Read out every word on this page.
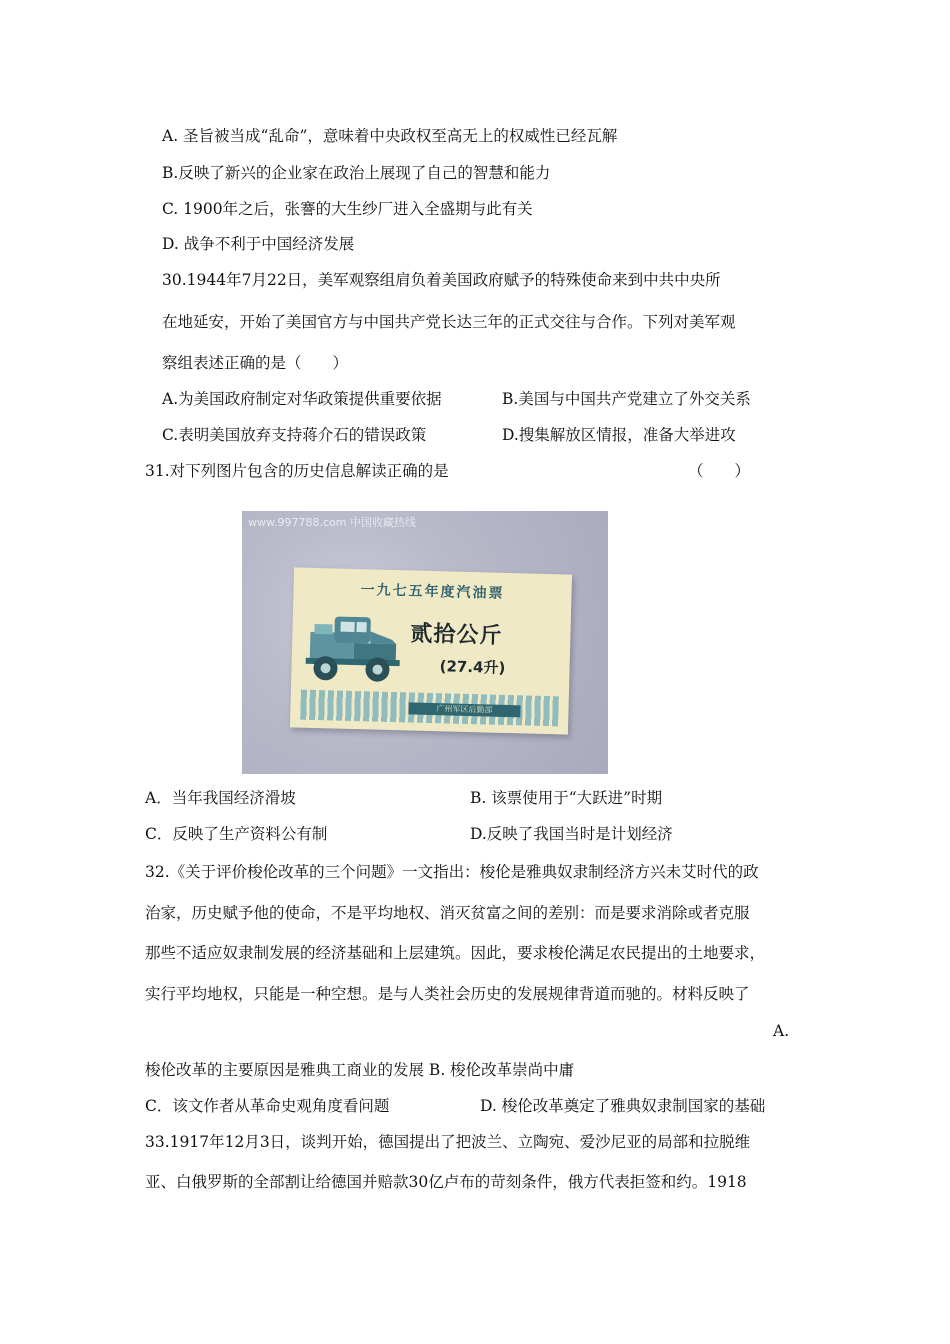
A. 圣旨被当成“乱命”，意味着中央政权至高无上的权威性已经瓦解
B.反映了新兴的企业家在政治上展现了自己的智慧和能力
C. 1900年之后，张謇的大生纱厂进入全盛期与此有关
D. 战争不利于中国经济发展
30.1944年7月22日，美军观察组肩负着美国政府赋予的特殊使命来到中共中央所
在地延安，开始了美国官方与中国共产党长达三年的正式交往与合作。下列对美军观
察组表述正确的是（　　）
A.为美国政府制定对华政策提供重要依据	B.美国与中国共产党建立了外交关系
C.表明美国放弃支持蒋介石的错误政策	D.搜集解放区情报，准备大举进攻
31.对下列图片包含的历史信息解读正确的是	（　　）
www.997788.com 中国收藏热线
一九七五年度汽油票
贰拾公斤
(27.4升)
广州军区后勤部
A．当年我国经济滑坡	B. 该票使用于“大跃进”时期
C．反映了生产资料公有制	D.反映了我国当时是计划经济
32.《关于评价梭伦改革的三个问题》一文指出：梭伦是雅典奴隶制经济方兴未艾时代的政
治家，历史赋予他的使命，不是平均地权、消灭贫富之间的差别：而是要求消除或者克服
那些不适应奴隶制发展的经济基础和上层建筑。因此，要求梭伦满足农民提出的土地要求，
实行平均地权，只能是一种空想。是与人类社会历史的发展规律背道而驰的。材料反映了
A.
梭伦改革的主要原因是雅典工商业的发展 B. 梭伦改革崇尚中庸
C．该文作者从革命史观角度看问题	D. 梭伦改革奠定了雅典奴隶制国家的基础
33.1917年12月3日，谈判开始，德国提出了把波兰、立陶宛、爱沙尼亚的局部和拉脱维
亚、白俄罗斯的全部割让给德国并赔款30亿卢布的苛刻条件，俄方代表拒签和约。1918
